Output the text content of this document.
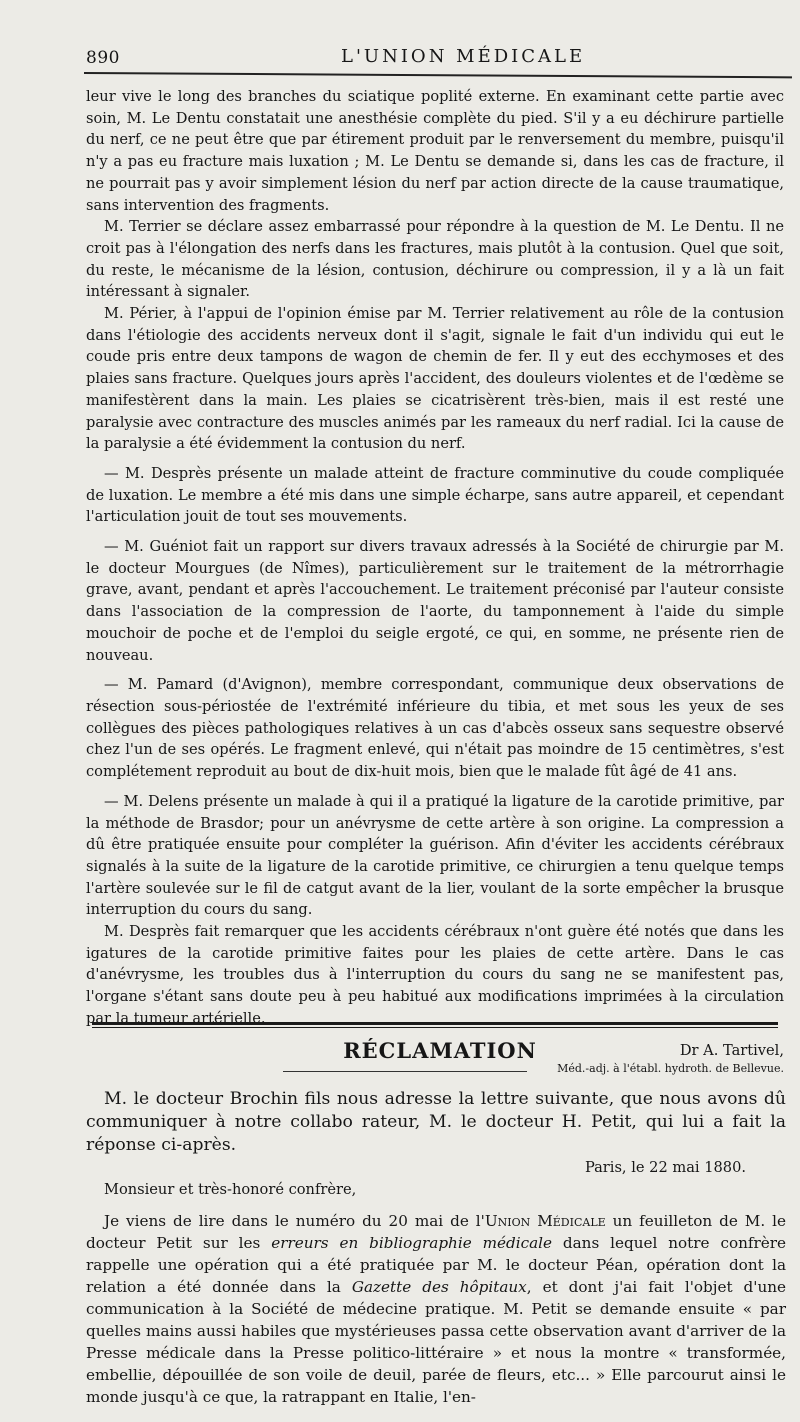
890	L'UNION MÉDICALE

leur vive le long des branches du sciatique poplité externe. En examinant cette partie avec soin, M. Le Dentu constatait une anesthésie complète du pied. S'il y a eu déchirure partielle du nerf, ce ne peut être que par étirement produit par le renversement du membre, puisqu'il n'y a pas eu fracture mais luxation ; M. Le Dentu se demande si, dans les cas de fracture, il ne pourrait pas y avoir simplement lésion du nerf par action directe de la cause traumatique, sans intervention des fragments.

M. Terrier se déclare assez embarrassé pour répondre à la question de M. Le Dentu. Il ne croit pas à l'élongation des nerfs dans les fractures, mais plutôt à la contusion. Quel que soit, du reste, le mécanisme de la lésion, contusion, déchirure ou compression, il y a là un fait intéressant à signaler.

M. Périer, à l'appui de l'opinion émise par M. Terrier relativement au rôle de la contusion dans l'étiologie des accidents nerveux dont il s'agit, signale le fait d'un individu qui eut le coude pris entre deux tampons de wagon de chemin de fer. Il y eut des ecchymoses et des plaies sans fracture. Quelques jours après l'accident, des douleurs violentes et de l'œdème se manifestèrent dans la main. Les plaies se cicatrisèrent très-bien, mais il est resté une paralysie avec contracture des muscles animés par les rameaux du nerf radial. Ici la cause de la paralysie a été évidemment la contusion du nerf.

— M. Desprès présente un malade atteint de fracture comminutive du coude compliquée de luxation. Le membre a été mis dans une simple écharpe, sans autre appareil, et cependant l'articulation jouit de tout ses mouvements.

— M. Guéniot fait un rapport sur divers travaux adressés à la Société de chirurgie par M. le docteur Mourgues (de Nîmes), particulièrement sur le traitement de la métrorrhagie grave, avant, pendant et après l'accouchement. Le traitement préconisé par l'auteur consiste dans l'association de la compression de l'aorte, du tamponnement à l'aide du simple mouchoir de poche et de l'emploi du seigle ergoté, ce qui, en somme, ne présente rien de nouveau.

— M. Pamard (d'Avignon), membre correspondant, communique deux observations de résection sous-périostée de l'extrémité inférieure du tibia, et met sous les yeux de ses collègues des pièces pathologiques relatives à un cas d'abcès osseux sans sequestre observé chez l'un de ses opérés. Le fragment enlevé, qui n'était pas moindre de 15 centimètres, s'est complétement reproduit au bout de dix-huit mois, bien que le malade fût âgé de 41 ans.

— M. Delens présente un malade à qui il a pratiqué la ligature de la carotide primitive, par la méthode de Brasdor; pour un anévrysme de cette artère à son origine. La compression a dû être pratiquée ensuite pour compléter la guérison. Afin d'éviter les accidents cérébraux signalés à la suite de la ligature de la carotide primitive, ce chirurgien a tenu quelque temps l'artère soulevée sur le fil de catgut avant de la lier, voulant de la sorte empêcher la brusque interruption du cours du sang.

M. Desprès fait remarquer que les accidents cérébraux n'ont guère été notés que dans les igatures de la carotide primitive faites pour les plaies de cette artère. Dans le cas d'anévrysme, les troubles dus à l'interruption du cours du sang ne se manifestent pas, l'organe s'étant sans doute peu à peu habitué aux modifications imprimées à la circulation par la tumeur artérielle.

Dr A. Tartivel,

Méd.-adj. à l'établ. hydroth. de Bellevue.

RÉCLAMATION

M. le docteur Brochin fils nous adresse la lettre suivante, que nous avons dû communiquer à notre collabo rateur, M. le docteur H. Petit, qui lui a fait la réponse ci-après.

Paris, le 22 mai 1880.

Monsieur et très-honoré confrère,

Je viens de lire dans le numéro du 20 mai de l'Union Médicale un feuilleton de M. le docteur Petit sur les erreurs en bibliographie médicale dans lequel notre confrère rappelle une opération qui a été pratiquée par M. le docteur Péan, opération dont la relation a été donnée dans la Gazette des hôpitaux, et dont j'ai fait l'objet d'une communication à la Société de médecine pratique. M. Petit se demande ensuite « par quelles mains aussi habiles que mystérieuses passa cette observation avant d'arriver de la Presse médicale dans la Presse politico-littéraire » et nous la montre « transformée, embellie, dépouillée de son voile de deuil, parée de fleurs, etc... » Elle parcourut ainsi le monde jusqu'à ce que, la ratrappant en Italie, l'en-
